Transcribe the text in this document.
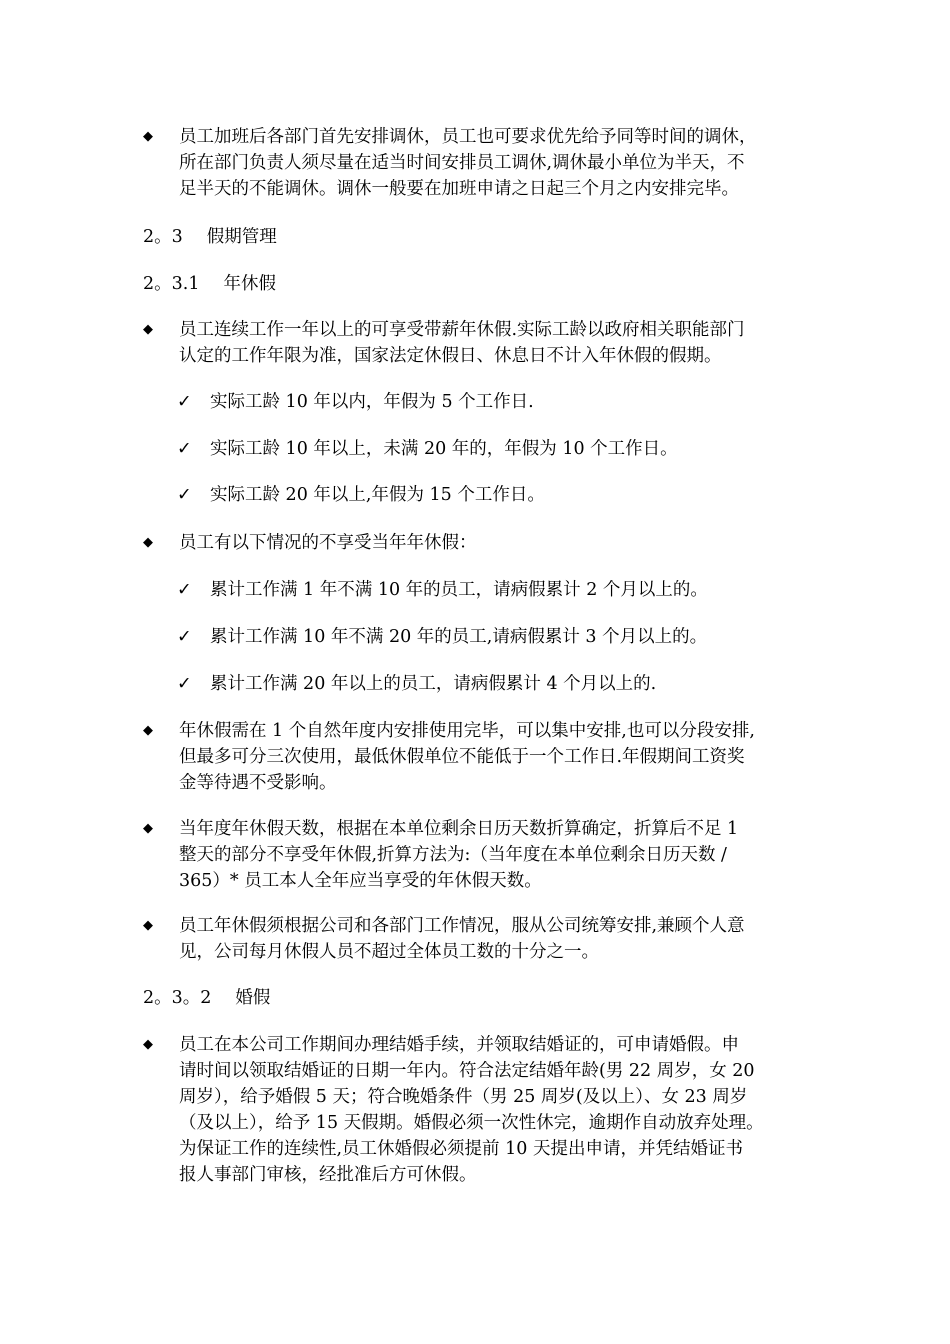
◆ 员工加班后各部门首先安排调休，员工也可要求优先给予同等时间的调休，
所在部门负责人须尽量在适当时间安排员工调休,调休最小单位为半天，不
足半天的不能调休。调休一般要在加班申请之日起三个月之内安排完毕。
2。3 假期管理
2。3.1 年休假
◆ 员工连续工作一年以上的可享受带薪年休假.实际工龄以政府相关职能部门
认定的工作年限为准，国家法定休假日、休息日不计入年休假的假期。
✓ 实际工龄 10 年以内，年假为 5 个工作日.
✓ 实际工龄 10 年以上，未满 20 年的，年假为 10 个工作日。
✓ 实际工龄 20 年以上,年假为 15 个工作日。
◆ 员工有以下情况的不享受当年年休假：
✓ 累计工作满 1 年不满 10 年的员工，请病假累计 2 个月以上的。
✓ 累计工作满 10 年不满 20 年的员工,请病假累计 3 个月以上的。
✓ 累计工作满 20 年以上的员工，请病假累计 4 个月以上的.
◆ 年休假需在 1 个自然年度内安排使用完毕，可以集中安排,也可以分段安排,
但最多可分三次使用，最低休假单位不能低于一个工作日.年假期间工资奖
金等待遇不受影响。
◆ 当年度年休假天数，根据在本单位剩余日历天数折算确定，折算后不足 1
整天的部分不享受年休假,折算方法为:（当年度在本单位剩余日历天数 /
365）* 员工本人全年应当享受的年休假天数。
◆ 员工年休假须根据公司和各部门工作情况，服从公司统筹安排,兼顾个人意
见，公司每月休假人员不超过全体员工数的十分之一。
2。3。2 婚假
◆ 员工在本公司工作期间办理结婚手续，并领取结婚证的，可申请婚假。申
请时间以领取结婚证的日期一年内。符合法定结婚年龄(男 22 周岁，女 20
周岁），给予婚假 5 天；符合晚婚条件（男 25 周岁(及以上）、女 23 周岁
（及以上），给予 15 天假期。婚假必须一次性休完，逾期作自动放弃处理。
为保证工作的连续性,员工休婚假必须提前 10 天提出申请，并凭结婚证书
报人事部门审核，经批准后方可休假。
